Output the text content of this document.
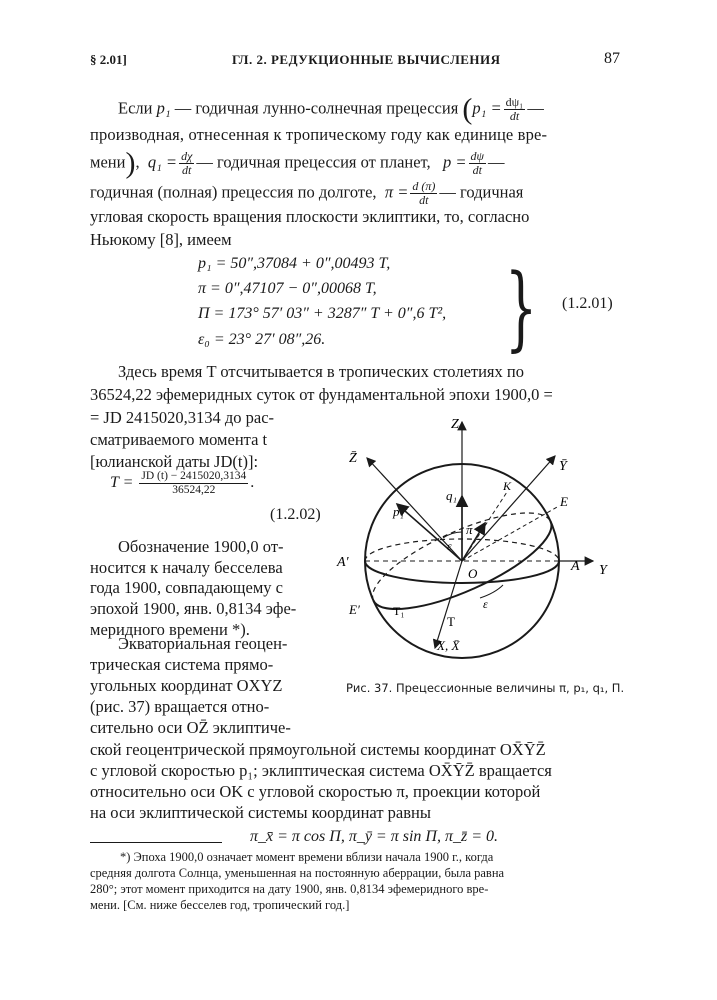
§ 2.01]	ГЛ. 2. РЕДУКЦИОННЫЕ ВЫЧИСЛЕНИЯ	87
Если p₁ — годичная лунно-солнечная прецессия ($p_1 = \frac{\text{dψ₁}}{dt}$ —
производная, отнесенная к тропическому году как единице вре-
мени),  $q_1 = \frac{d\chi}{dt}$ — годичная прецессия от планет, $p = \frac{d\psi}{dt}$ —
годичная (полная) прецессия по долготе, $\pi = \frac{d (\pi)}{dt}$ — годичная
угловая скорость вращения плоскости эклиптики, то, согласно
Ньюкому [8], имеем
p₁ = 50″,37084 + 0″,00493 T,
π = 0″,47107 − 0″,00068 T,
Π = 173° 57′ 03″ + 3287″ T + 0″,6 T²,
ε₀ = 23° 27′ 08″,26. } (1.2.01)
Здесь время T отсчитывается в тропических столетиях по
36524,22 эфемеридных суток от фундаментальной эпохи 1900,0 =
= JD 2415020,3134 до рас-
сматриваемого момента t
[юлианской даты JD(t)]:
$T = \frac{JD (t) - 2415020,3134}{36524,22}$ .
(1.2.02)
Обозначение 1900,0 от-
носится к началу бесселева
года 1900, совпадающему с
эпохой 1900, янв. 0,8134 эфе-
меридного времени *).
Экваториальная геоцен-
трическая система прямо-
угольных координат OXYZ
(рис. 37) вращается отно-
сительно оси OZ̄ эклиптиче-
ской геоцентрической прямоугольной системы координат OX̄ȲZ̄
с угловой скоростью p₁; эклиптическая система OX̄ȲZ̄ вращается
относительно оси OK с угловой скоростью π, проекции которой
на оси эклиптической системы координат равны
π_x̄ = π cos Π, π_ȳ = π sin Π, π_z̄ = 0.
Z
Z̄
Ȳ
Y
A
A′
E
E′
K
O
p₁
q₁
π
ε
ε
T
T₁
X, X̄
Рис. 37. Прецессионные величины π, p₁, q₁, Π.
*) Эпоха 1900,0 означает момент времени вблизи начала 1900 г., когда
средняя долгота Солнца, уменьшенная на постоянную аберрации, была равна
280°; этот момент приходится на дату 1900, янв. 0,8134 эфемеридного вре-
мени. [См. ниже бесселев год, тропический год.]
